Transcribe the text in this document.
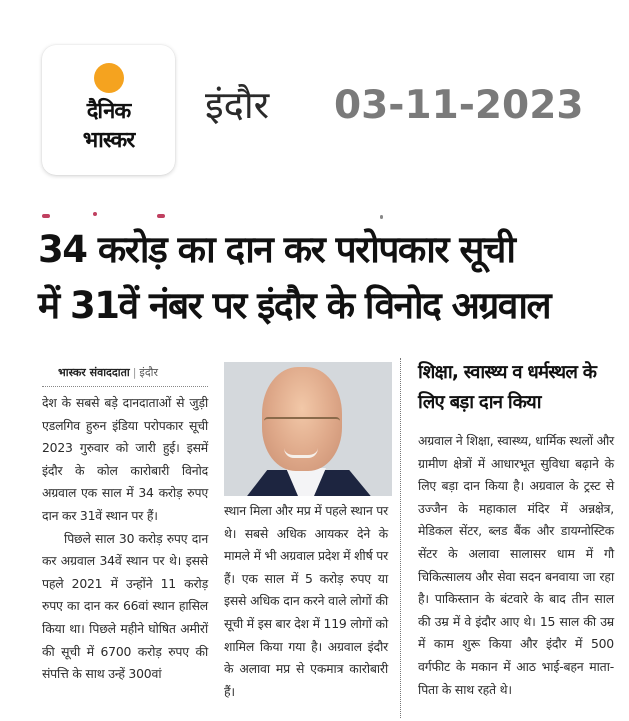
दैनिक
भास्कर
इंदौर 03-11-2023
34 करोड़ का दान कर परोपकार सूची
में 31वें नंबर पर इंदौर के विनोद अग्रवाल
भास्कर संवाददाता | इंदौर

देश के सबसे बड़े दानदाताओं से जुड़ी एडलगिव हुरुन इंडिया परोपकार सूची 2023 गुरुवार को जारी हुई। इसमें इंदौर के कोल कारोबारी विनोद अग्रवाल एक साल में 34 करोड़ रुपए दान कर 31वें स्थान पर हैं।

पिछले साल 30 करोड़ रुपए दान कर अग्रवाल 34वें स्थान पर थे। इससे पहले 2021 में उन्होंने 11 करोड़ रुपए का दान कर 66वां स्थान हासिल किया था। पिछले महीने घोषित अमीरों की सूची में 6700 करोड़ रुपए की संपत्ति के साथ उन्हें 300वां

स्थान मिला और मप्र में पहले स्थान पर थे। सबसे अधिक आयकर देने के मामले में भी अग्रवाल प्रदेश में शीर्ष पर हैं। एक साल में 5 करोड़ रुपए या इससे अधिक दान करने वाले लोगों की सूची में इस बार देश में 119 लोगों को शामिल किया गया है। अग्रवाल इंदौर के अलावा मप्र से एकमात्र कारोबारी हैं।

शिक्षा, स्वास्थ्य व धर्मस्थल के लिए बड़ा दान किया

अग्रवाल ने शिक्षा, स्वास्थ्य, धार्मिक स्थलों और ग्रामीण क्षेत्रों में आधारभूत सुविधा बढ़ाने के लिए बड़ा दान किया है। अग्रवाल के ट्रस्ट से उज्जैन के महाकाल मंदिर में अन्नक्षेत्र, मेडिकल सेंटर, ब्लड बैंक और डायग्नोस्टिक सेंटर के अलावा सालासर धाम में गौ चिकित्सालय और सेवा सदन बनवाया जा रहा है। पाकिस्तान के बंटवारे के बाद तीन साल की उम्र में वे इंदौर आए थे। 15 साल की उम्र में काम शुरू किया और इंदौर में 500 वर्गफीट के मकान में आठ भाई-बहन माता-पिता के साथ रहते थे।
